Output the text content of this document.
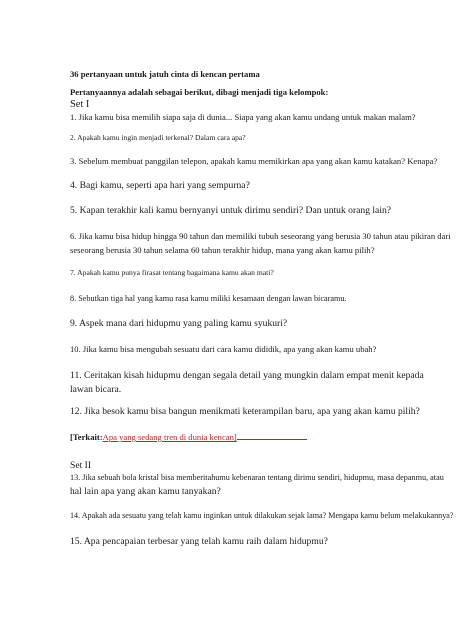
36 pertanyaan untuk jatuh cinta di kencan pertama
Pertanyaannya adalah sebagai berikut, dibagi menjadi tiga kelompok:
Set I
1. Jika kamu bisa memilih siapa saja di dunia... Siapa yang akan kamu undang untuk makan malam?
2. Apakah kamu ingin menjadi terkenal? Dalam cara apa?
3. Sebelum membuat panggilan telepon, apakah kamu memikirkan apa yang akan kamu katakan? Kenapa?
4. Bagi kamu, seperti apa hari yang sempurna?
5. Kapan terakhir kali kamu bernyanyi untuk dirimu sendiri? Dan untuk orang lain?
6. Jika kamu bisa hidup hingga 90 tahun dan memiliki tubuh seseorang yang berusia 30 tahun atau pikiran dari
seseorang berusia 30 tahun selama 60 tahun terakhir hidup, mana yang akan kamu pilih?
7. Apakah kamu punya firasat tentang bagaimana kamu akan mati?
8. Sebutkan tiga hal yang kamu rasa kamu miliki kesamaan dengan lawan bicaramu.
9. Aspek mana dari hidupmu yang paling kamu syukuri?
10. Jika kamu bisa mengubah sesuatu dari cara kamu dididik, apa yang akan kamu ubah?
11. Ceritakan kisah hidupmu dengan segala detail yang mungkin dalam empat menit kepada
lawan bicara.
12. Jika besok kamu bisa bangun menikmati keterampilan baru, apa yang akan kamu pilih?
[Terkait:Apa yang sedang tren di dunia kencan]
Set II
13. Jika sebuah bola kristal bisa memberitahumu kebenaran tentang dirimu sendiri, hidupmu, masa depanmu, atau
hal lain apa yang akan kamu tanyakan?
14. Apakah ada sesuatu yang telah kamu inginkan untuk dilakukan sejak lama? Mengapa kamu belum melakukannya?
15. Apa pencapaian terbesar yang telah kamu raih dalam hidupmu?
